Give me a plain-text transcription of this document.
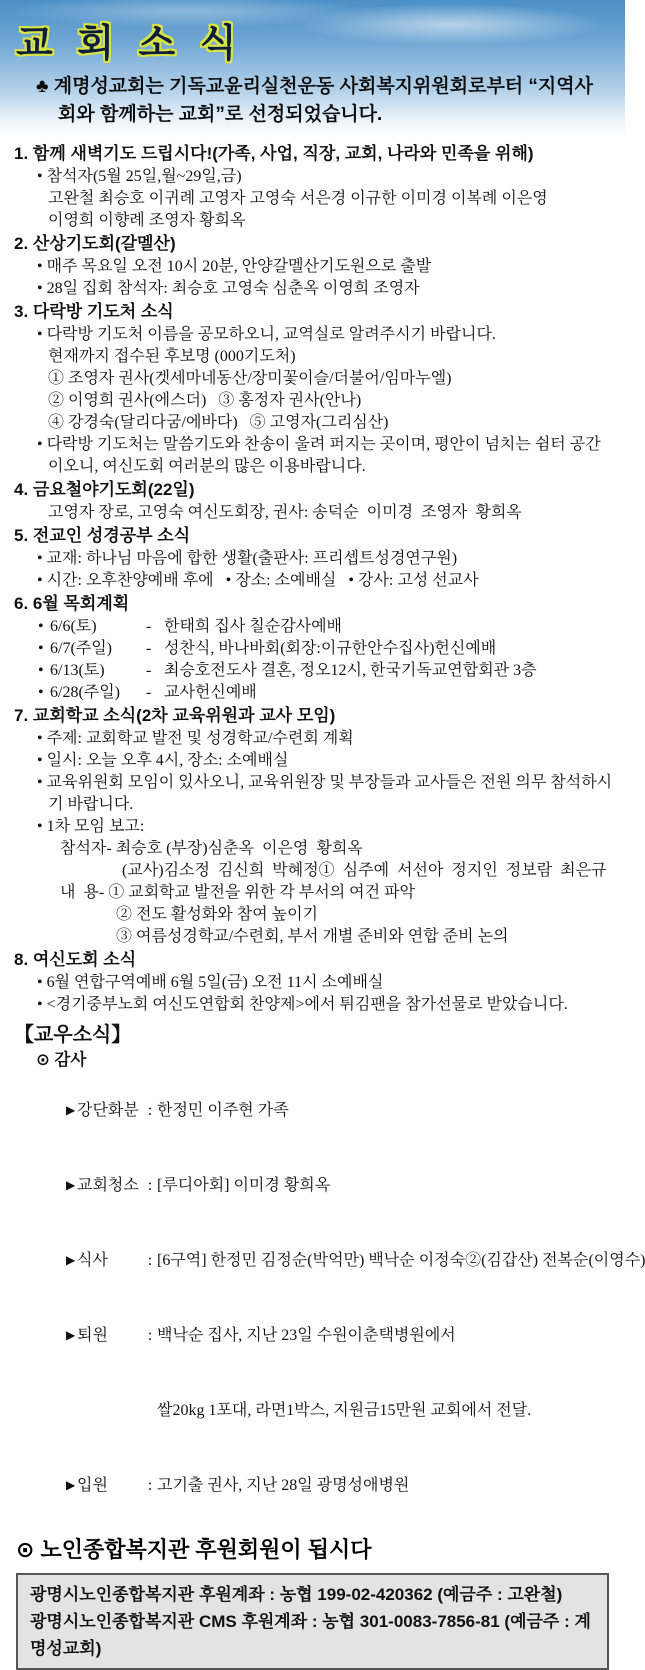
교 회 소 식

♣ 계명성교회는 기독교윤리실천운동 사회복지위원회로부터 “지역사회와 함께하는 교회”로 선정되었습니다.

1. 함께 새벽기도 드립시다!(가족, 사업, 직장, 교회, 나라와 민족을 위해)
• 참석자(5월 25일,월~29일,금)
고완철 최승호 이귀례 고영자 고영숙 서은경 이규한 이미경 이복례 이은영
이영희 이향례 조영자 황희옥
2. 산상기도회(갈멜산)
• 매주 목요일 오전 10시 20분, 안양갈멜산기도원으로 출발
• 28일 집회 참석자: 최승호 고영숙 심춘옥 이영희 조영자
3. 다락방 기도처 소식
• 다락방 기도처 이름을 공모하오니, 교역실로 알려주시기 바랍니다.
현재까지 접수된 후보명 (000기도처)
① 조영자 권사(겟세마네동산/장미꽃이슬/더불어/임마누엘)
② 이영희 권사(에스더)   ③ 홍정자 권사(안나)
④ 강경숙(달리다굼/에바다)   ⑤ 고영자(그리심산)
• 다락방 기도처는 말씀기도와 찬송이 울려 퍼지는 곳이며, 평안이 넘치는 쉼터 공간이오니, 여신도회 여러분의 많은 이용바랍니다.
4. 금요철야기도회(22일)
고영자 장로, 고영숙 여신도회장, 권사: 송덕순  이미경  조영자  황희옥
5. 전교인 성경공부 소식
• 교재: 하나님 마음에 합한 생활(출판사: 프리셉트성경연구원)
• 시간: 오후찬양예배 후에   • 장소: 소예배실   • 강사: 고성 선교사
6. 6월 목회계획
• 6/6(토)	- 한태희 집사 칠순감사예배
• 6/7(주일)	- 성찬식, 바나바회(회장:이규한안수집사)헌신예배
• 6/13(토)	- 최승호전도사 결혼, 정오12시, 한국기독교연합회관 3층
• 6/28(주일)	- 교사헌신예배
7. 교회학교 소식(2차 교육위원과 교사 모임)
• 주제: 교회학교 발전 및 성경학교/수련회 계획
• 일시: 오늘 오후 4시, 장소: 소예배실
• 교육위원회 모임이 있사오니, 교육위원장 및 부장들과 교사들은 전원 의무 참석하시기 바랍니다.
• 1차 모임 보고:
참석자- 최승호 (부장)심춘옥  이은영  황희옥
(교사)김소정  김신희  박혜정①  심주예  서선아  정지인  정보람  최은규
내  용- ① 교회학교 발전을 위한 각 부서의 여건 파악
② 전도 활성화와 참여 높이기
③ 여름성경학교/수련회, 부서 개별 준비와 연합 준비 논의
8. 여신도회 소식
• 6월 연합구역예배 6월 5일(금) 오전 11시 소예배실
• <경기중부노회 여신도연합회 찬양제>에서 튀김팬을 참가선물로 받았습니다.
【교우소식】
⊙ 감사

▶ 강단화분 : 한정민 이주현 가족

▶ 교회청소 : [루디아회] 이미경 황희옥

▶ 식사 : [6구역] 한정민 김정순(박억만) 백낙순 이정숙②(김갑산) 전복순(이영수)

▶ 퇴원 : 백낙순 집사, 지난 23일 수원이춘택병원에서

쌀20kg 1포대, 라면1박스, 지원금15만원 교회에서 전달.

▶ 입원 : 고기출 권사, 지난 28일 광명성애병원

⊙ 노인종합복지관 후원회원이 됩시다
광명시노인종합복지관 후원계좌 : 농협 199-02-420362 (예금주 : 고완철)
광명시노인종합복지관 CMS 후원계좌 : 농협 301-0083-7856-81 (예금주 : 계명성교회)
